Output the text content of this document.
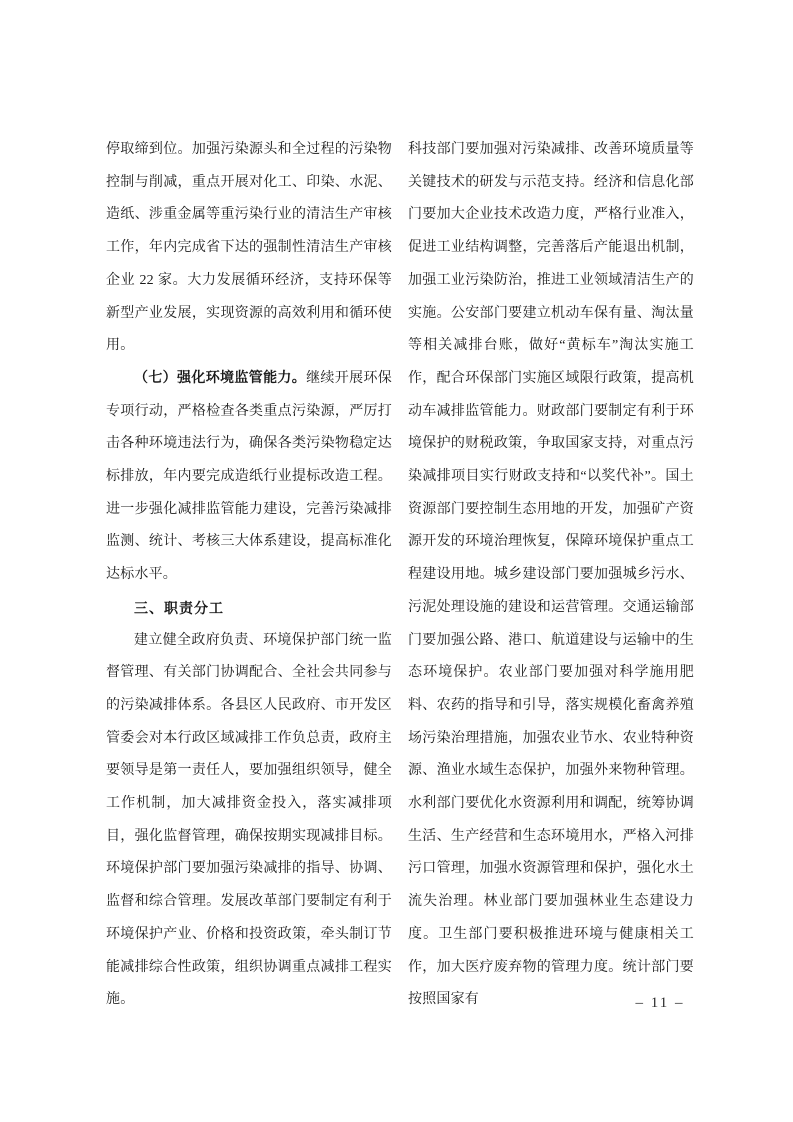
停取缔到位。加强污染源头和全过程的污染物控制与削减，重点开展对化工、印染、水泥、造纸、涉重金属等重污染行业的清洁生产审核工作，年内完成省下达的强制性清洁生产审核企业 22 家。大力发展循环经济，支持环保等新型产业发展，实现资源的高效利用和循环使用。

（七）强化环境监管能力。继续开展环保专项行动，严格检查各类重点污染源，严厉打击各种环境违法行为，确保各类污染物稳定达标排放，年内要完成造纸行业提标改造工程。进一步强化减排监管能力建设，完善污染减排监测、统计、考核三大体系建设，提高标准化达标水平。

三、职责分工

建立健全政府负责、环境保护部门统一监督管理、有关部门协调配合、全社会共同参与的污染减排体系。各县区人民政府、市开发区管委会对本行政区域减排工作负总责，政府主要领导是第一责任人，要加强组织领导，健全工作机制，加大减排资金投入，落实减排项目，强化监督管理，确保按期实现减排目标。环境保护部门要加强污染减排的指导、协调、监督和综合管理。发展改革部门要制定有利于环境保护产业、价格和投资政策，牵头制订节能减排综合性政策，组织协调重点减排工程实施。

科技部门要加强对污染减排、改善环境质量等关键技术的研发与示范支持。经济和信息化部门要加大企业技术改造力度，严格行业准入，促进工业结构调整，完善落后产能退出机制，加强工业污染防治，推进工业领域清洁生产的实施。公安部门要建立机动车保有量、淘汰量等相关减排台账，做好“黄标车”淘汰实施工作，配合环保部门实施区域限行政策，提高机动车减排监管能力。财政部门要制定有利于环境保护的财税政策，争取国家支持，对重点污染减排项目实行财政支持和“以奖代补”。国土资源部门要控制生态用地的开发，加强矿产资源开发的环境治理恢复，保障环境保护重点工程建设用地。城乡建设部门要加强城乡污水、污泥处理设施的建设和运营管理。交通运输部门要加强公路、港口、航道建设与运输中的生态环境保护。农业部门要加强对科学施用肥料、农药的指导和引导，落实规模化畜禽养殖场污染治理措施，加强农业节水、农业特种资源、渔业水域生态保护，加强外来物种管理。水利部门要优化水资源利用和调配，统筹协调生活、生产经营和生态环境用水，严格入河排污口管理，加强水资源管理和保护，强化水土流失治理。林业部门要加强林业生态建设力度。卫生部门要积极推进环境与健康相关工作，加大医疗废弃物的管理力度。统计部门要按照国家有	– 11 –
